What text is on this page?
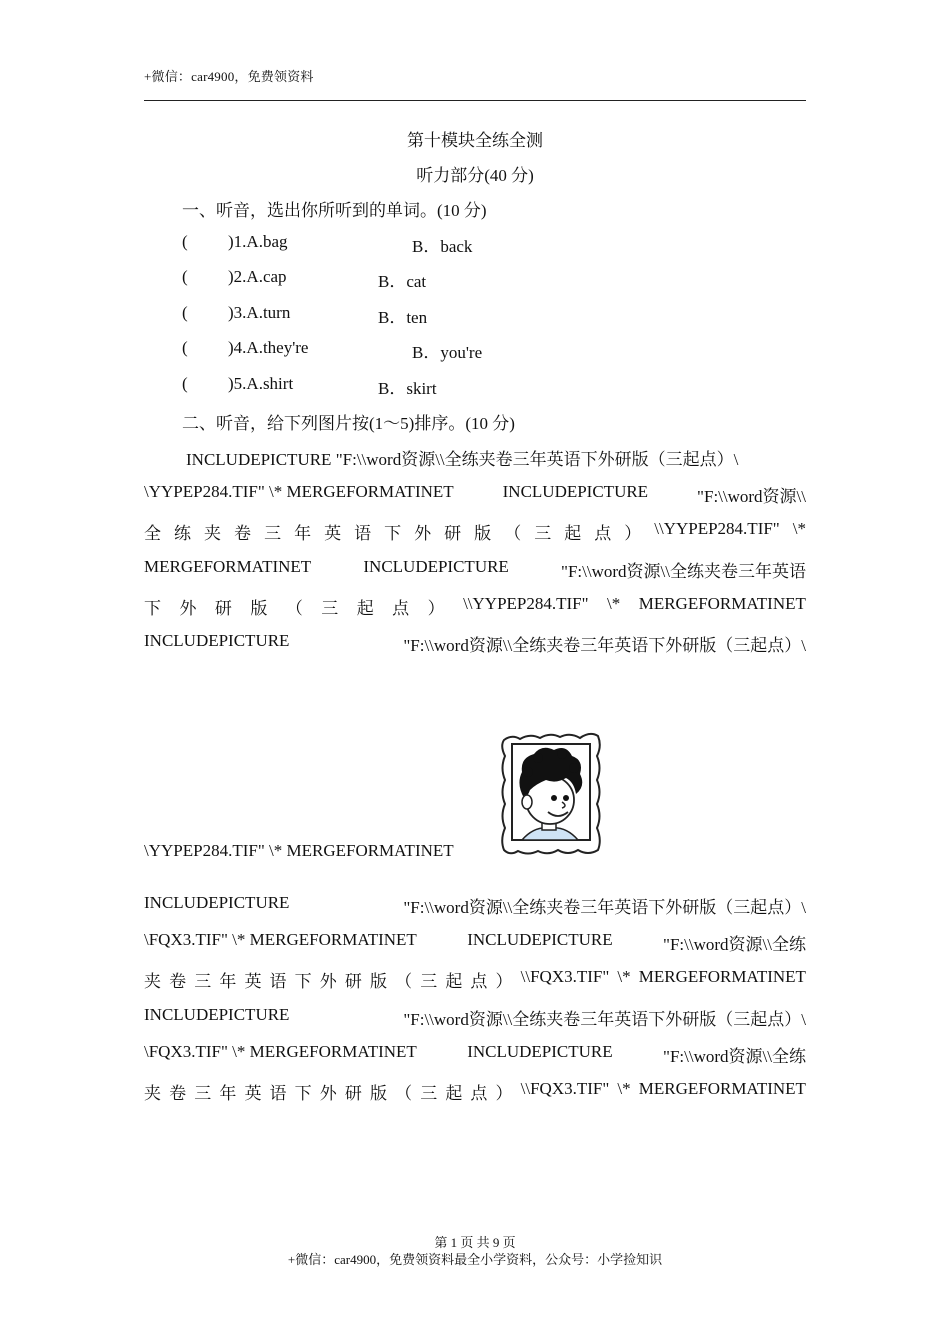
+微信：car4900，免费领资料
第十模块全练全测
听力部分(40 分)
一、听音，选出你所听到的单词。(10 分)
( )1.A.bag	B．back
( )2.A.cap	B．cat
( )3.A.turn	B．ten
( )4.A.they're	B．you're
( )5.A.shirt	B．skirt
二、听音，给下列图片按(1～5)排序。(10 分)
INCLUDEPICTURE "F:\\word资源\\全练夹卷三年英语下外研版（三起点）\
\YYPEP284.TIF" \* MERGEFORMATINET	INCLUDEPICTURE	"F:\\word资源\\
全 练 夹 卷 三 年 英 语 下 外 研 版 （ 三 起 点 ） \\YYPEP284.TIF" \*
MERGEFORMATINET	INCLUDEPICTURE	"F:\\word资源\\全练夹卷三年英语
下 外 研 版 （ 三 起 点 ） \\YYPEP284.TIF" \* MERGEFORMATINET
INCLUDEPICTURE	"F:\\word资源\\全练夹卷三年英语下外研版（三起点）\
\YYPEP284.TIF" \* MERGEFORMATINET
INCLUDEPICTURE	"F:\\word资源\\全练夹卷三年英语下外研版（三起点）\
\FQX3.TIF" \* MERGEFORMATINET	INCLUDEPICTURE	"F:\\word资源\\全练
夹 卷 三 年 英 语 下 外 研 版 （ 三 起 点 ） \\FQX3.TIF" \* MERGEFORMATINET
INCLUDEPICTURE	"F:\\word资源\\全练夹卷三年英语下外研版（三起点）\
\FQX3.TIF" \* MERGEFORMATINET	INCLUDEPICTURE	"F:\\word资源\\全练
夹 卷 三 年 英 语 下 外 研 版 （ 三 起 点 ） \\FQX3.TIF" \* MERGEFORMATINET
第 1 页 共 9 页
+微信：car4900，免费领资料最全小学资料，公众号：小学捡知识
